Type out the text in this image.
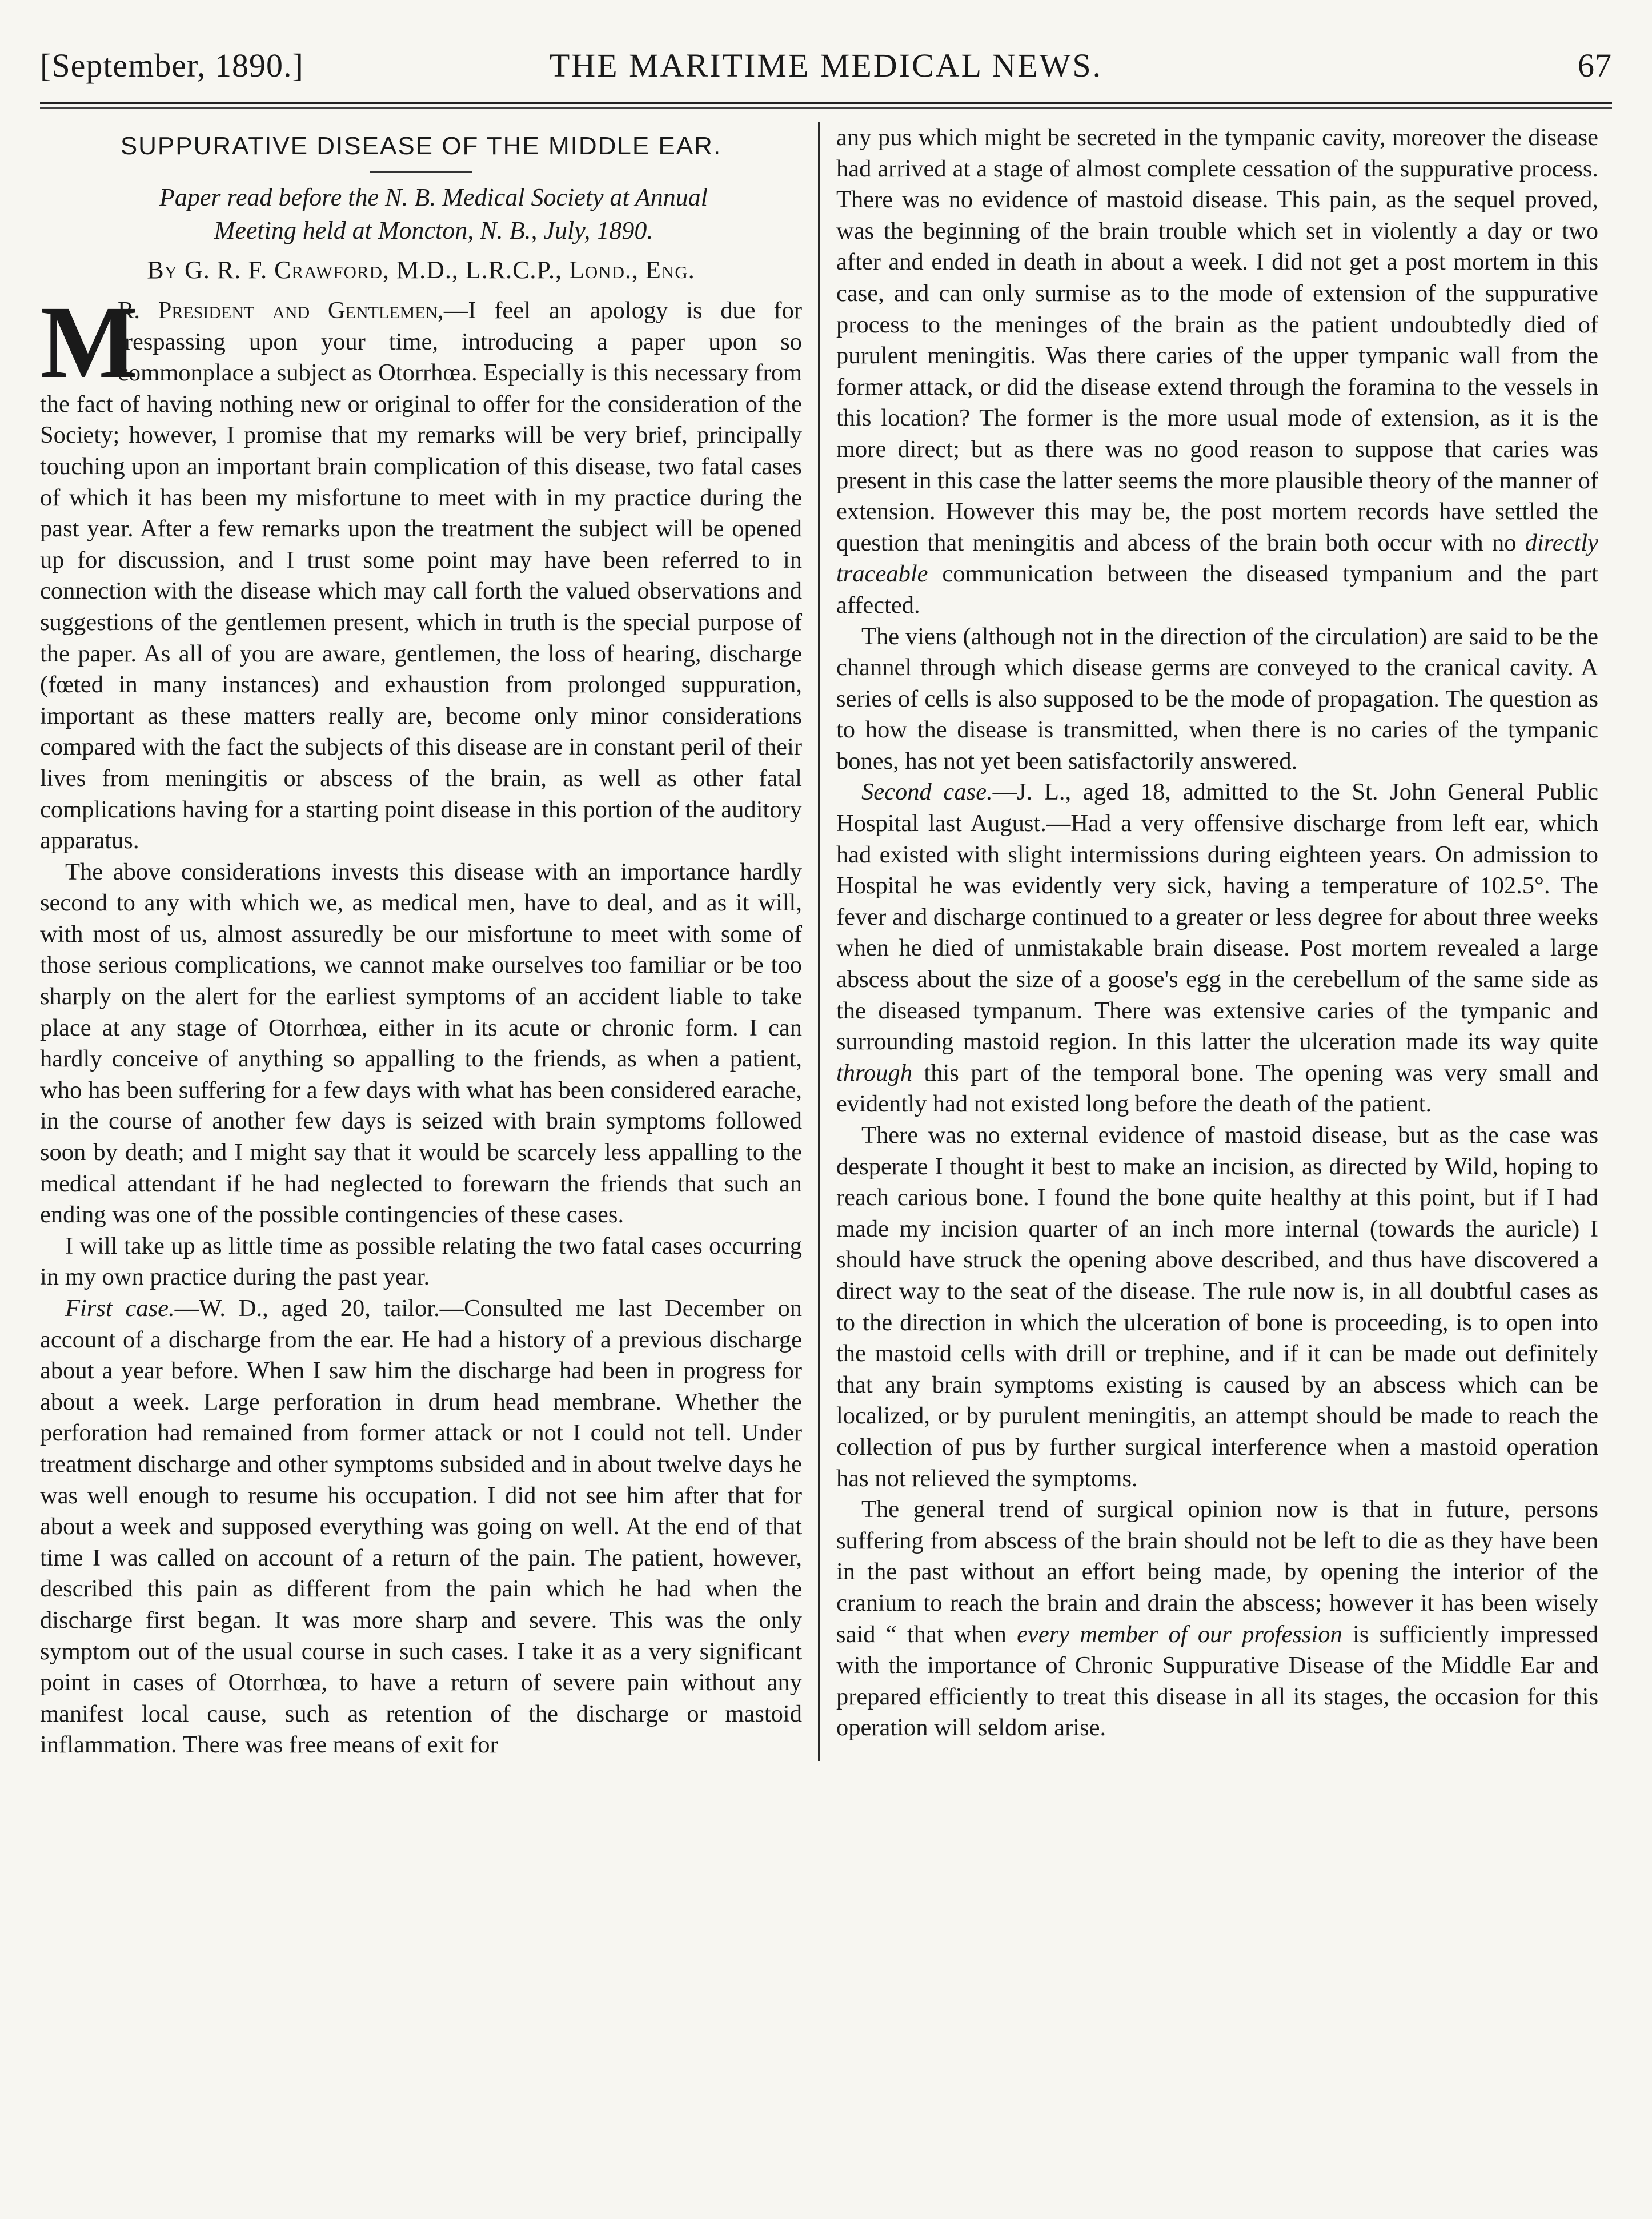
[September, 1890.]	THE MARITIME MEDICAL NEWS.	67
SUPPURATIVE DISEASE OF THE MIDDLE EAR.

Paper read before the N. B. Medical Society at Annual

Meeting held at Moncton, N. B., July, 1890.

By G. R. F. Crawford, M.D., L.R.C.P., Lond., Eng.

M
R. President and Gentlemen,—I feel an apology is due for trespassing upon your time, introducing a paper upon so commonplace a subject as Otorrhœa. Especially is this necessary from the fact of having nothing new or original to offer for the consideration of the Society; however, I promise that my remarks will be very brief, principally touching upon an important brain complication of this disease, two fatal cases of which it has been my misfortune to meet with in my practice during the past year. After a few remarks upon the treatment the subject will be opened up for discussion, and I trust some point may have been referred to in connection with the disease which may call forth the valued observations and suggestions of the gentlemen present, which in truth is the special purpose of the paper. As all of you are aware, gentlemen, the loss of hearing, discharge (fœted in many instances) and exhaustion from prolonged suppuration, important as these matters really are, become only minor considerations compared with the fact the subjects of this disease are in constant peril of their lives from meningitis or abscess of the brain, as well as other fatal complications having for a starting point disease in this portion of the auditory apparatus.

The above considerations invests this disease with an importance hardly second to any with which we, as medical men, have to deal, and as it will, with most of us, almost assuredly be our misfortune to meet with some of those serious complications, we cannot make ourselves too familiar or be too sharply on the alert for the earliest symptoms of an accident liable to take place at any stage of Otorrhœa, either in its acute or chronic form. I can hardly conceive of anything so appalling to the friends, as when a patient, who has been suffering for a few days with what has been considered earache, in the course of another few days is seized with brain symptoms followed soon by death; and I might say that it would be scarcely less appalling to the medical attendant if he had neglected to forewarn the friends that such an ending was one of the possible contingencies of these cases.

I will take up as little time as possible relating the two fatal cases occurring in my own practice during the past year.

First case.—W. D., aged 20, tailor.—Consulted me last December on account of a discharge from the ear. He had a history of a previous discharge about a year before. When I saw him the discharge had been in progress for about a week. Large perforation in drum head membrane. Whether the perforation had remained from former attack or not I could not tell. Under treatment discharge and other symptoms subsided and in about twelve days he was well enough to resume his occupation. I did not see him after that for about a week and supposed everything was going on well. At the end of that time I was called on account of a return of the pain. The patient, however, described this pain as different from the pain which he had when the discharge first began. It was more sharp and severe. This was the only symptom out of the usual course in such cases. I take it as a very significant point in cases of Otorrhœa, to have a return of severe pain without any manifest local cause, such as retention of the discharge or mastoid inflammation. There was free means of exit for

any pus which might be secreted in the tympanic cavity, moreover the disease had arrived at a stage of almost complete cessation of the suppurative process. There was no evidence of mastoid disease. This pain, as the sequel proved, was the beginning of the brain trouble which set in violently a day or two after and ended in death in about a week. I did not get a post mortem in this case, and can only surmise as to the mode of extension of the suppurative process to the meninges of the brain as the patient undoubtedly died of purulent meningitis. Was there caries of the upper tympanic wall from the former attack, or did the disease extend through the foramina to the vessels in this location? The former is the more usual mode of extension, as it is the more direct; but as there was no good reason to suppose that caries was present in this case the latter seems the more plausible theory of the manner of extension. However this may be, the post mortem records have settled the question that meningitis and abcess of the brain both occur with no directly traceable communication between the diseased tympanium and the part affected.

The viens (although not in the direction of the circulation) are said to be the channel through which disease germs are conveyed to the cranical cavity. A series of cells is also supposed to be the mode of propagation. The question as to how the disease is transmitted, when there is no caries of the tympanic bones, has not yet been satisfactorily answered.

Second case.—J. L., aged 18, admitted to the St. John General Public Hospital last August.—Had a very offensive discharge from left ear, which had existed with slight intermissions during eighteen years. On admission to Hospital he was evidently very sick, having a temperature of 102.5°. The fever and discharge continued to a greater or less degree for about three weeks when he died of unmistakable brain disease. Post mortem revealed a large abscess about the size of a goose's egg in the cerebellum of the same side as the diseased tympanum. There was extensive caries of the tympanic and surrounding mastoid region. In this latter the ulceration made its way quite through this part of the temporal bone. The opening was very small and evidently had not existed long before the death of the patient.

There was no external evidence of mastoid disease, but as the case was desperate I thought it best to make an incision, as directed by Wild, hoping to reach carious bone. I found the bone quite healthy at this point, but if I had made my incision quarter of an inch more internal (towards the auricle) I should have struck the opening above described, and thus have discovered a direct way to the seat of the disease. The rule now is, in all doubtful cases as to the direction in which the ulceration of bone is proceeding, is to open into the mastoid cells with drill or trephine, and if it can be made out definitely that any brain symptoms existing is caused by an abscess which can be localized, or by purulent meningitis, an attempt should be made to reach the collection of pus by further surgical interference when a mastoid operation has not relieved the symptoms.

The general trend of surgical opinion now is that in future, persons suffering from abscess of the brain should not be left to die as they have been in the past without an effort being made, by opening the interior of the cranium to reach the brain and drain the abscess; however it has been wisely said “ that when every member of our profession is sufficiently impressed with the importance of Chronic Suppurative Disease of the Middle Ear and prepared efficiently to treat this disease in all its stages, the occasion for this operation will seldom arise.
